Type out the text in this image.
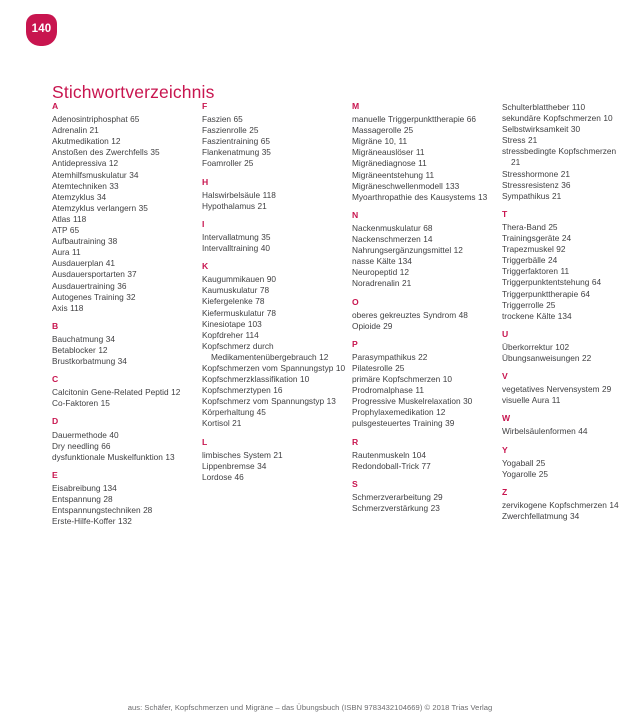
140
Stichwortverzeichnis
A
Adenosintriphosphat 65
Adrenalin 21
Akutmedikation 12
Anstoßen des Zwerchfells 35
Antidepressiva 12
Atemhilfsmuskulatur 34
Atemtechniken 33
Atemzyklus 34
Atemzyklus verlangern 35
Atlas 118
ATP 65
Aufbautraining 38
Aura 11
Ausdauerplan 41
Ausdauersportarten 37
Ausdauertraining 36
Autogenes Training 32
Axis 118
B
Bauchatmung 34
Betablocker 12
Brustkorbatmung 34
C
Calcitonin Gene-Related Peptid 12
Co-Faktoren 15
D
Dauermethode 40
Dry needling 66
dysfunktionale Muskelfunktion 13
E
Eisabreibung 134
Entspannung 28
Entspannungstechniken 28
Erste-Hilfe-Koffer 132
F
Faszien 65
Faszienrolle 25
Faszientraining 65
Flankenatmung 35
Foamroller 25
H
Halswirbelsäule 118
Hypothalamus 21
I
Intervallatmung 35
Intervalltraining 40
K
Kaugummikauen 90
Kaumuskulatur 78
Kiefergelenke 78
Kiefermuskulatur 78
Kinesiotape 103
Kopfdreher 114
Kopfschmerz durch Medikamentenübergebrauch 12
Kopfschmerzen vom Spannungstyp 10
Kopfschmerzklassifikation 10
Kopfschmerztypen 16
Kopfschmerz vom Spannungstyp 13
Körperhaltung 45
Kortisol 21
L
limbisches System 21
Lippenbremse 34
Lordose 46
M
manuelle Triggerpunkttherapie 66
Massagerolle 25
Migräne 10, 11
Migräneauslöser 11
Migränediagnose 11
Migräneentstehung 11
Migräneschwellenmodell 133
Myoarthropathie des Kausystems 13
N
Nackenmuskulatur 68
Nackenschmerzen 14
Nahrungsergänzungsmittel 12
nasse Kälte 134
Neuropeptid 12
Noradrenalin 21
O
oberes gekreuztes Syndrom 48
Opioide 29
P
Parasympathikus 22
Pilatesrolle 25
primäre Kopfschmerzen 10
Prodromalphase 11
Progressive Muskelrelaxation 30
Prophylaxemedikation 12
pulsgesteuertes Training 39
R
Rautenmuskeln 104
Redondoball-Trick 77
S
Schmerzverarbeitung 29
Schmerzverstärkung 23
Schulterblattheber 110
sekundäre Kopfschmerzen 10
Selbstwirksamkeit 30
Stress 21
stressbedingte Kopfschmerzen 21
Stresshormone 21
Stressresistenz 36
Sympathikus 21
T
Thera-Band 25
Trainingsgeräte 24
Trapezmuskel 92
Triggerbälle 24
Triggerfaktoren 11
Triggerpunktentstehung 64
Triggerpunkttherapie 64
Triggerrolle 25
trockene Kälte 134
U
Überkorrektur 102
Übungsanweisungen 22
V
vegetatives Nervensystem 29
visuelle Aura 11
W
Wirbelsäulenformen 44
Y
Yogaball 25
Yogarolle 25
Z
zervikogene Kopfschmerzen 14
Zwerchfellatmung 34
aus: Schäfer, Kopfschmerzen und Migräne – das Übungsbuch (ISBN 9783432104669) © 2018 Trias Verlag
